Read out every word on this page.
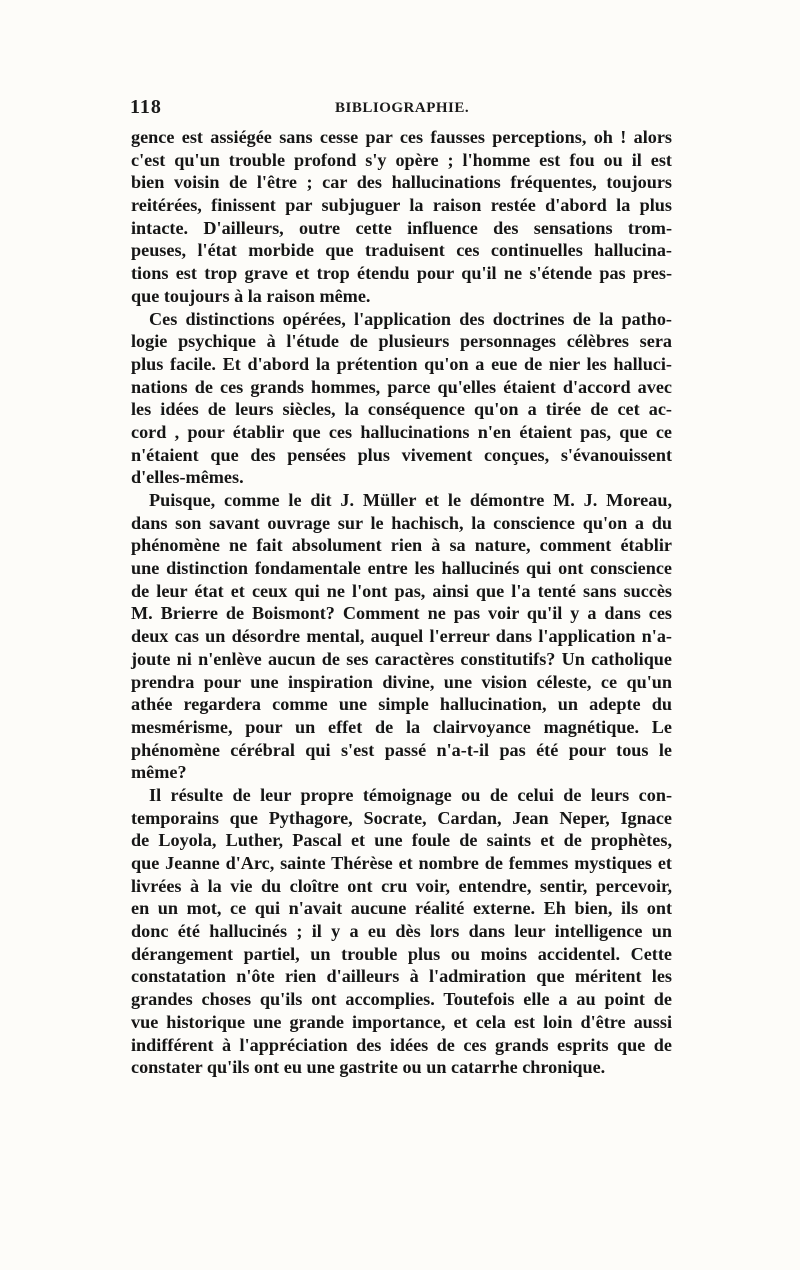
118	BIBLIOGRAPHIE.
gence est assiégée sans cesse par ces fausses perceptions, oh ! alors
c'est qu'un trouble profond s'y opère ; l'homme est fou ou il est
bien voisin de l'être ; car des hallucinations fréquentes, toujours
reitérées, finissent par subjuguer la raison restée d'abord la plus
intacte. D'ailleurs, outre cette influence des sensations trom-
peuses, l'état morbide que traduisent ces continuelles hallucina-
tions est trop grave et trop étendu pour qu'il ne s'étende pas pres-
que toujours à la raison même.
Ces distinctions opérées, l'application des doctrines de la patho-
logie psychique à l'étude de plusieurs personnages célèbres sera
plus facile. Et d'abord la prétention qu'on a eue de nier les halluci-
nations de ces grands hommes, parce qu'elles étaient d'accord avec
les idées de leurs siècles, la conséquence qu'on a tirée de cet ac-
cord , pour établir que ces hallucinations n'en étaient pas, que ce
n'étaient que des pensées plus vivement conçues, s'évanouissent
d'elles-mêmes.
Puisque, comme le dit J. Müller et le démontre M. J. Moreau,
dans son savant ouvrage sur le hachisch, la conscience qu'on a du
phénomène ne fait absolument rien à sa nature, comment établir
une distinction fondamentale entre les hallucinés qui ont conscience
de leur état et ceux qui ne l'ont pas, ainsi que l'a tenté sans succès
M. Brierre de Boismont? Comment ne pas voir qu'il y a dans ces
deux cas un désordre mental, auquel l'erreur dans l'application n'a-
joute ni n'enlève aucun de ses caractères constitutifs? Un catholique
prendra pour une inspiration divine, une vision céleste, ce qu'un
athée regardera comme une simple hallucination, un adepte du
mesmérisme, pour un effet de la clairvoyance magnétique. Le
phénomène cérébral qui s'est passé n'a-t-il pas été pour tous le
même?
Il résulte de leur propre témoignage ou de celui de leurs con-
temporains que Pythagore, Socrate, Cardan, Jean Neper, Ignace
de Loyola, Luther, Pascal et une foule de saints et de prophètes,
que Jeanne d'Arc, sainte Thérèse et nombre de femmes mystiques et
livrées à la vie du cloître ont cru voir, entendre, sentir, percevoir,
en un mot, ce qui n'avait aucune réalité externe. Eh bien, ils ont
donc été hallucinés ; il y a eu dès lors dans leur intelligence un
dérangement partiel, un trouble plus ou moins accidentel. Cette
constatation n'ôte rien d'ailleurs à l'admiration que méritent les
grandes choses qu'ils ont accomplies. Toutefois elle a au point de
vue historique une grande importance, et cela est loin d'être aussi
indifférent à l'appréciation des idées de ces grands esprits que de
constater qu'ils ont eu une gastrite ou un catarrhe chronique.
